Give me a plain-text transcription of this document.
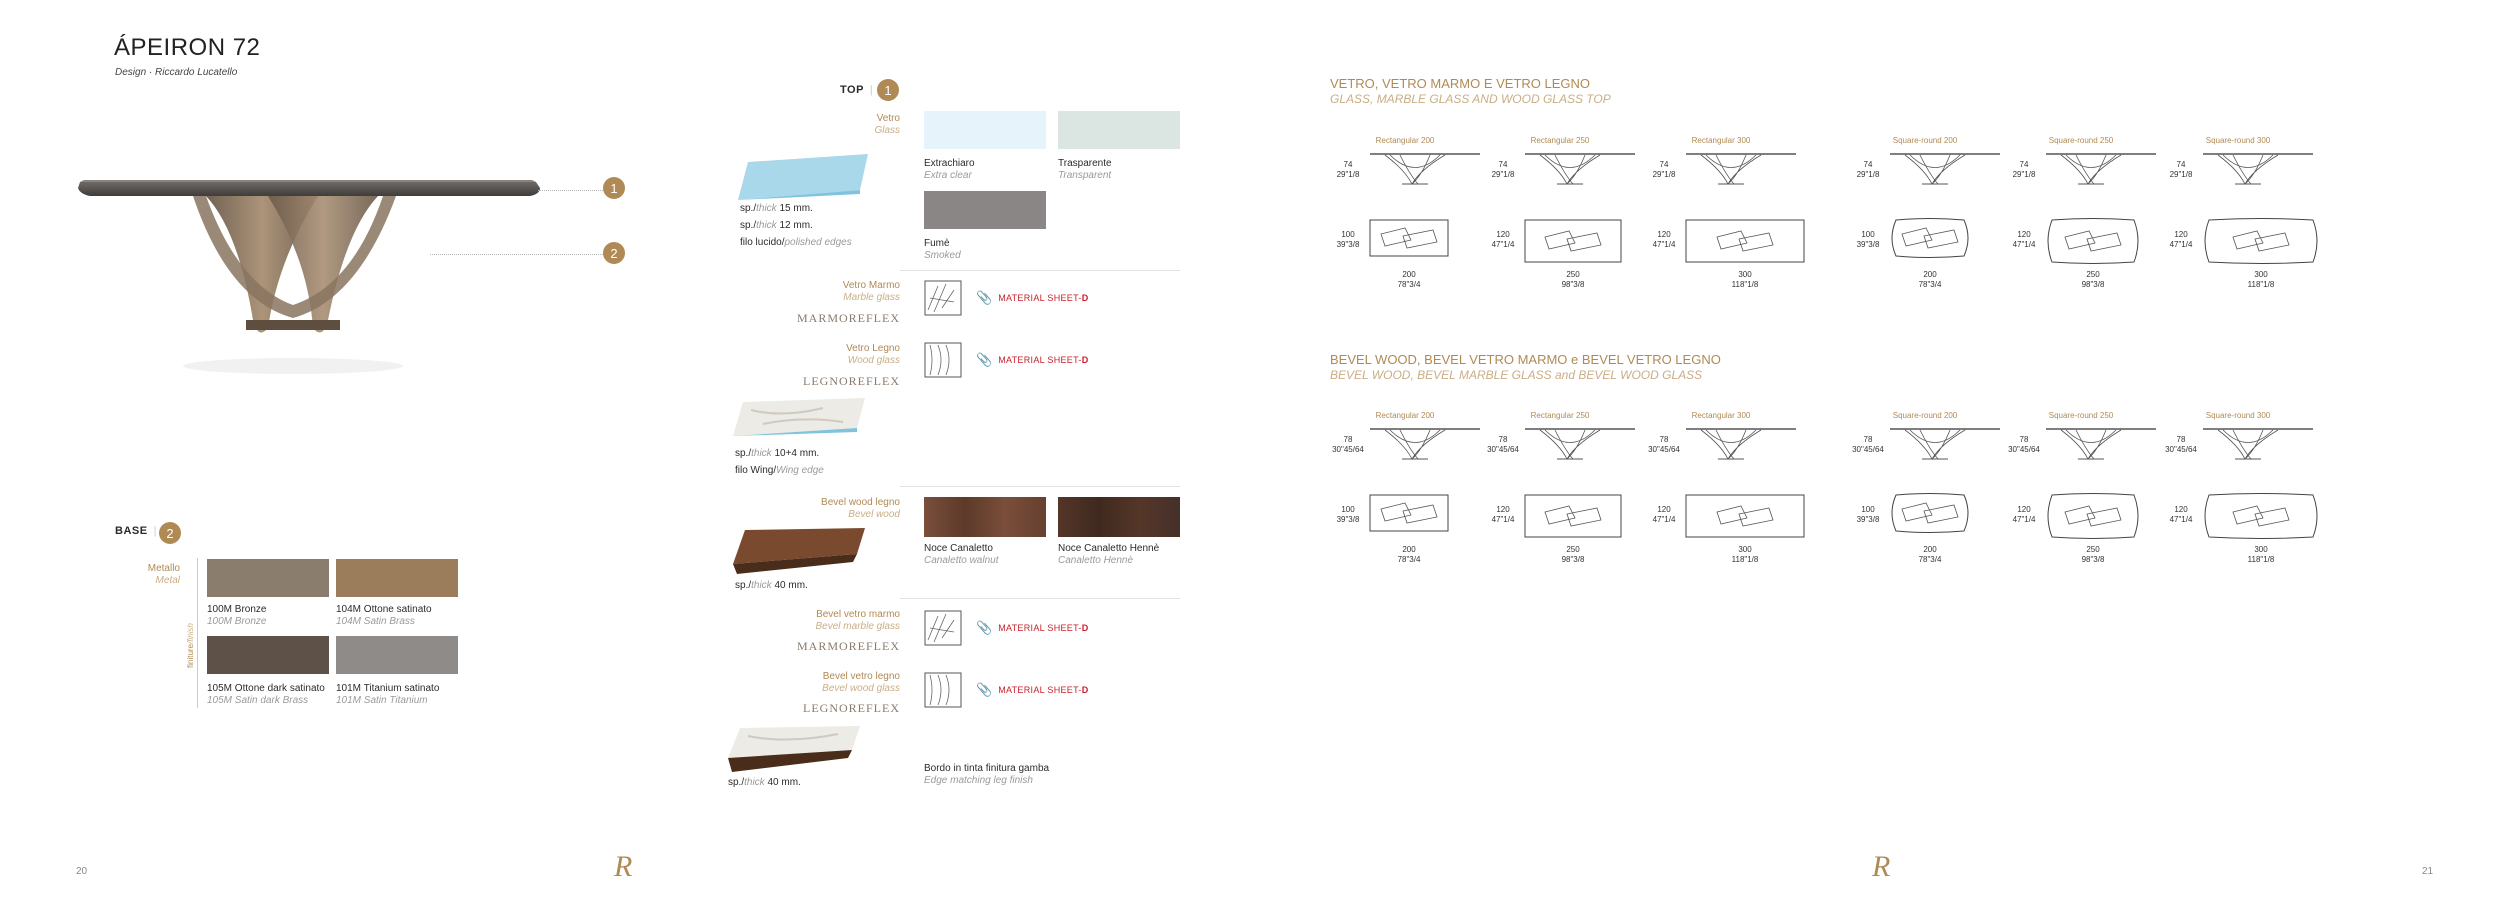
ÁPEIRON 72
Design · Riccardo Lucatello
1
2
BASE | 2
Metallo
Metal
finiture/finish
100M Bronze
100M Bronze
104M Ottone satinato
104M Satin Brass
105M Ottone dark satinato
105M Satin dark Brass
101M Titanium satinato
101M Satin Titanium
TOP | 1
Vetro
Glass
sp./thick 15 mm.
sp./thick 12 mm.
filo lucido/polished edges
Extrachiaro
Extra clear
Trasparente
Transparent
Fumè
Smoked
Vetro Marmo
Marble glass
MARMOREFLEX
📎 MATERIAL SHEET-D
Vetro Legno
Wood glass
LEGNOREFLEX
📎 MATERIAL SHEET-D
sp./thick 10+4 mm.
filo Wing/Wing edge
Bevel wood legno
Bevel wood
sp./thick 40 mm.
Noce Canaletto
Canaletto walnut
Noce Canaletto Hennè
Canaletto Hennè
Bevel vetro marmo
Bevel marble glass
MARMOREFLEX
📎 MATERIAL SHEET-D
Bevel vetro legno
Bevel wood glass
LEGNOREFLEX
📎 MATERIAL SHEET-D
sp./thick 40 mm.
Bordo in tinta finitura gamba
Edge matching leg finish
20	R
VETRO, VETRO MARMO E VETRO LEGNO
GLASS, MARBLE GLASS AND WOOD GLASS TOP
Rectangular 200
74
29"1/8
100
39"3/8
200
78"3/4
Rectangular 250
74
29"1/8
120
47"1/4
250
98"3/8
Rectangular 300
74
29"1/8
120
47"1/4
300
118"1/8
Square-round 200
74
29"1/8
100
39"3/8
200
78"3/4
Square-round 250
74
29"1/8
120
47"1/4
250
98"3/8
Square-round 300
74
29"1/8
120
47"1/4
300
118"1/8
BEVEL WOOD, BEVEL VETRO MARMO e BEVEL VETRO LEGNO
BEVEL WOOD, BEVEL MARBLE GLASS and BEVEL WOOD GLASS
Rectangular 200
78
30"45/64
100
39"3/8
200
78"3/4
Rectangular 250
78
30"45/64
120
47"1/4
250
98"3/8
Rectangular 300
78
30"45/64
120
47"1/4
300
118"1/8
Square-round 200
78
30"45/64
100
39"3/8
200
78"3/4
Square-round 250
78
30"45/64
120
47"1/4
250
98"3/8
Square-round 300
78
30"45/64
120
47"1/4
300
118"1/8
R	21
